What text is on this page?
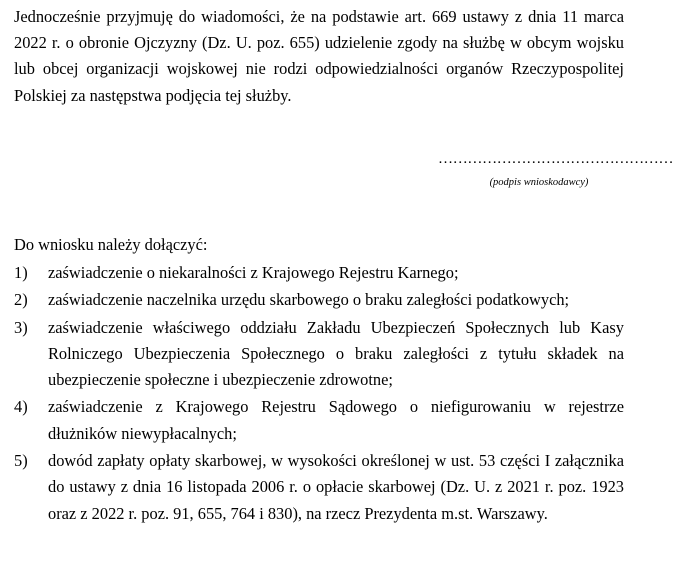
Jednocześnie przyjmuję do wiadomości, że na podstawie art. 669 ustawy z dnia 11 marca 2022 r. o obronie Ojczyzny (Dz. U. poz. 655) udzielenie zgody na służbę w obcym wojsku lub obcej organizacji wojskowej nie rodzi odpowiedzialności organów Rzeczypospolitej Polskiej za następstwa podjęcia tej służby.

…………………………………………
(podpis wnioskodawcy)
Do wniosku należy dołączyć:
1) zaświadczenie o niekaralności z Krajowego Rejestru Karnego;
2) zaświadczenie naczelnika urzędu skarbowego o braku zaległości podatkowych;
3) zaświadczenie właściwego oddziału Zakładu Ubezpieczeń Społecznych lub Kasy Rolniczego Ubezpieczenia Społecznego o braku zaległości z tytułu składek na ubezpieczenie społeczne i ubezpieczenie zdrowotne;
4) zaświadczenie z Krajowego Rejestru Sądowego o niefigurowaniu w rejestrze dłużników niewypłacalnych;
5) dowód zapłaty opłaty skarbowej, w wysokości określonej w ust. 53 części I załącznika do ustawy z dnia 16 listopada 2006 r. o opłacie skarbowej (Dz. U. z 2021 r. poz. 1923 oraz z 2022 r. poz. 91, 655, 764 i 830), na rzecz Prezydenta m.st. Warszawy.
